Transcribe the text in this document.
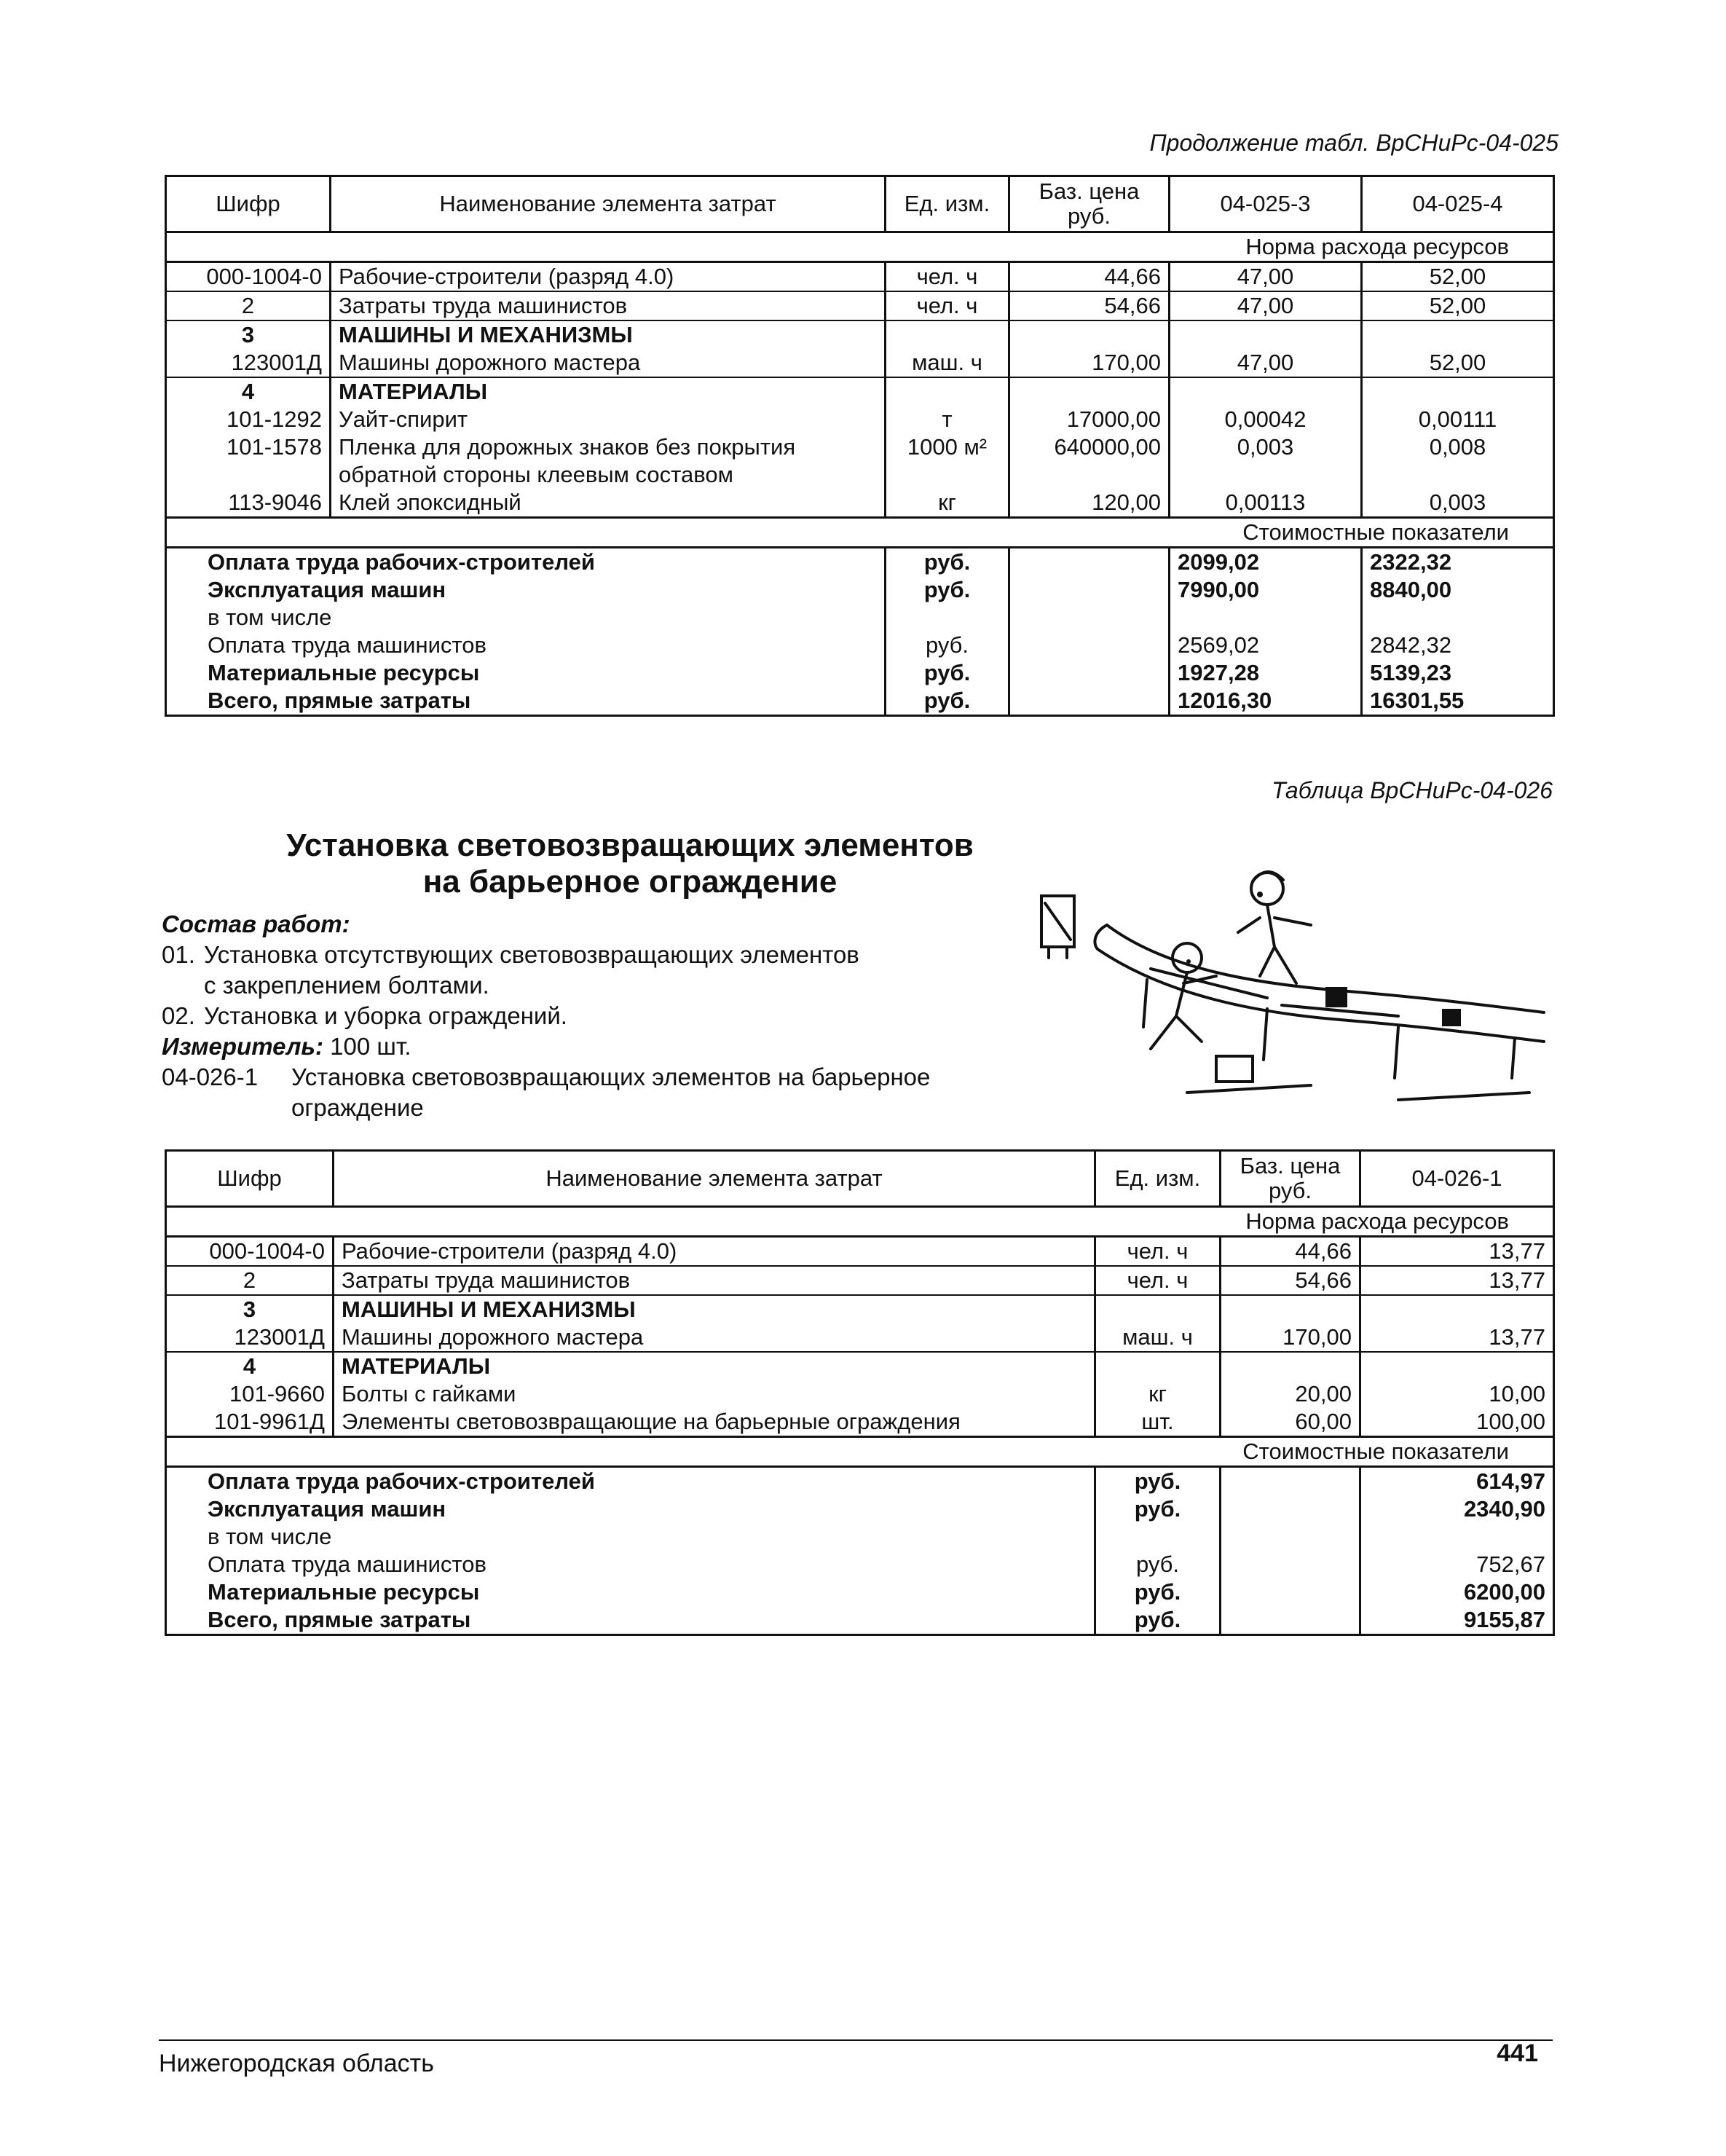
Продолжение табл. ВрСНиРс-04-025
Шифр	Наименование элемента затрат	Ед. изм.	Баз. цена руб.	04-025-3	04-025-4
Норма расхода ресурсов					
000-1004-0	Рабочие-строители (разряд 4.0)	чел. ч	44,66	47,00	52,00
2	Затраты труда машинистов	чел. ч	54,66	47,00	52,00
3	МАШИНЫ И МЕХАНИЗМЫ				
123001Д	Машины дорожного мастера	маш. ч	170,00	47,00	52,00
4	МАТЕРИАЛЫ				
101-1292	Уайт-спирит	т	17000,00	0,00042	0,00111
101-1578	Пленка для дорожных знаков без покрытия	1000 м²	640000,00	0,003	0,008
	обратной стороны клеевым составом				
113-9046	Клей эпоксидный	кг	120,00	0,00113	0,003
Стоимостные показатели					
Оплата труда рабочих-строителей		руб.		2099,02	2322,32
Эксплуатация машин		руб.		7990,00	8840,00
в том числе					
Оплата труда машинистов		руб.		2569,02	2842,32
Материальные ресурсы		руб.		1927,28	5139,23
Всего, прямые затраты		руб.		12016,30	16301,55
Таблица ВрСНиРс-04-026
Установка световозвращающих элементов
на барьерное ограждение
Состав работ:
01. Установка отсутствующих световозвращающих элементов
с закреплением болтами.
02. Установка и уборка ограждений.
Измеритель: 100 шт.
04-026-1 Установка световозвращающих элементов на барьерное
ограждение
Шифр	Наименование элемента затрат	Ед. изм.	Баз. цена руб.	04-026-1
Норма расхода ресурсов				
000-1004-0	Рабочие-строители (разряд 4.0)	чел. ч	44,66	13,77
2	Затраты труда машинистов	чел. ч	54,66	13,77
3	МАШИНЫ И МЕХАНИЗМЫ			
123001Д	Машины дорожного мастера	маш. ч	170,00	13,77
4	МАТЕРИАЛЫ			
101-9660	Болты с гайками	кг	20,00	10,00
101-9961Д	Элементы световозвращающие на барьерные ограждения	шт.	60,00	100,00
Стоимостные показатели				
Оплата труда рабочих-строителей		руб.		614,97
Эксплуатация машин		руб.		2340,90
в том числе				
Оплата труда машинистов		руб.		752,67
Материальные ресурсы		руб.		6200,00
Всего, прямые затраты		руб.		9155,87
Нижегородская область	441
